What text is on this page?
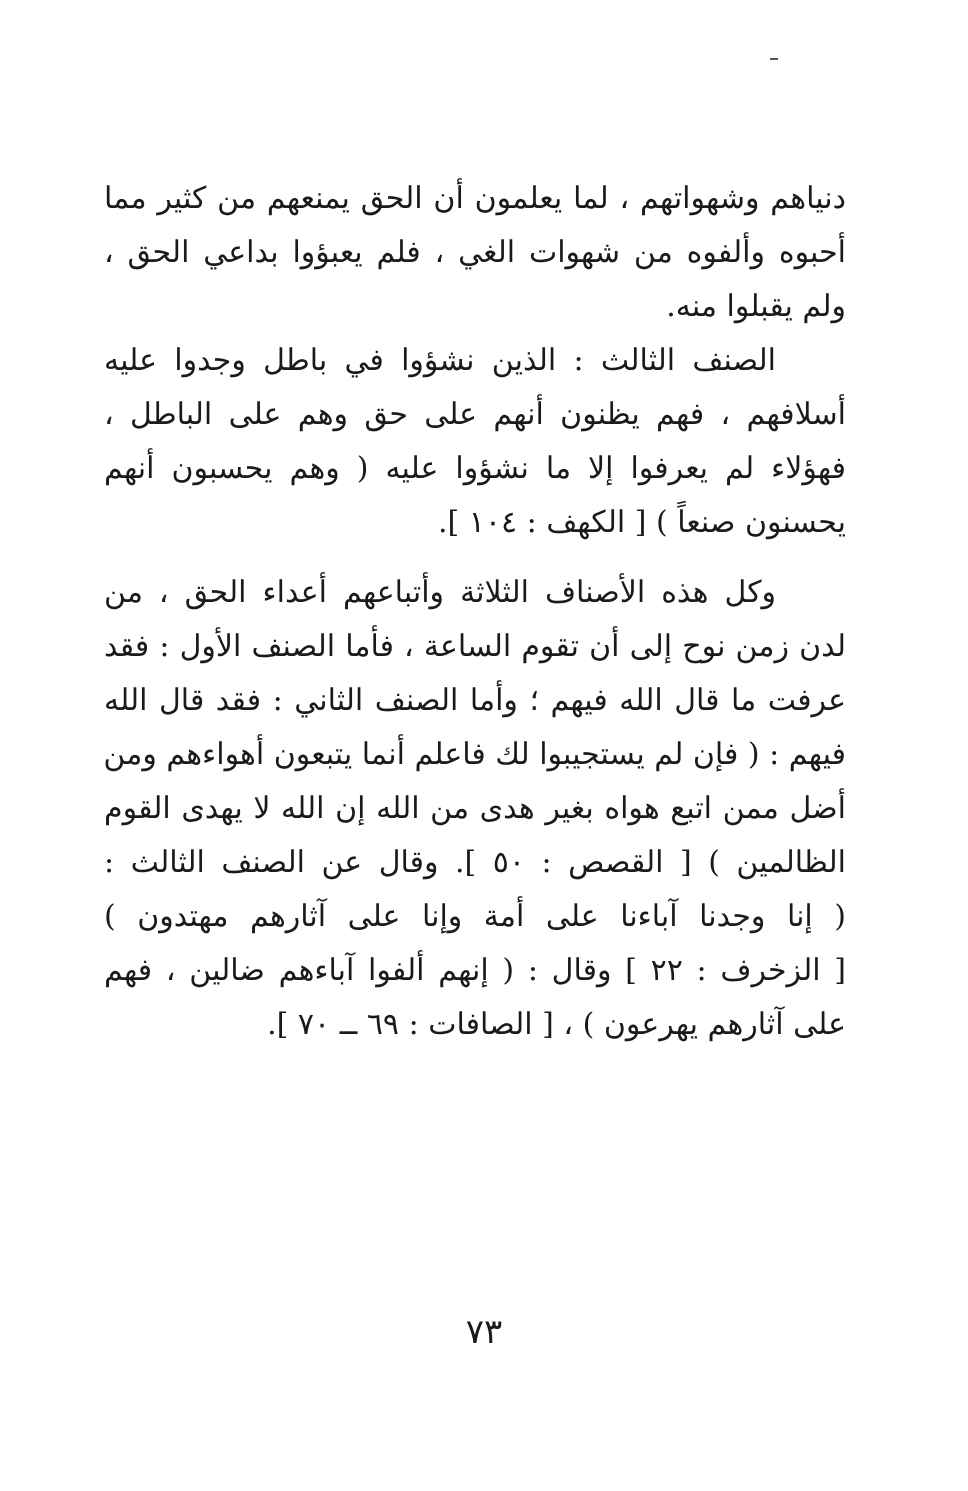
دنياهم وشهواتهم ، لما يعلمون أن الحق يمنعهم من كثير مما
أحبوه وألفوه من شهوات الغي ، فلم يعبؤوا بداعي الحق ،
ولم يقبلوا منه.
الصنف الثالث : الذين نشؤوا في باطل وجدوا عليه
أسلافهم ، فهم يظنون أنهم على حق وهم على الباطل ،
فهؤلاء لم يعرفوا إلا ما نشؤوا عليه ( وهم يحسبون أنهم
يحسنون صنعاً ) [ الكهف : ١٠٤ ].
وكل هذه الأصناف الثلاثة وأتباعهم أعداء الحق ، من
لدن زمن نوح إلى أن تقوم الساعة ، فأما الصنف الأول : فقد
عرفت ما قال الله فيهم ؛ وأما الصنف الثاني : فقد قال الله
فيهم : ( فإن لم يستجيبوا لك فاعلم أنما يتبعون أهواءهم ومن
أضل ممن اتبع هواه بغير هدى من الله إن الله لا يهدى القوم
الظالمين ) [ القصص : ٥٠ ]. وقال عن الصنف الثالث :
( إنا وجدنا آباءنا على أمة وإنا على آثارهم مهتدون )
[ الزخرف : ٢٢ ] وقال : ( إنهم ألفوا آباءهم ضالين ، فهم
على آثارهم يهرعون ) ، [ الصافات : ٦٩ ــ ٧٠ ].
٧٣
